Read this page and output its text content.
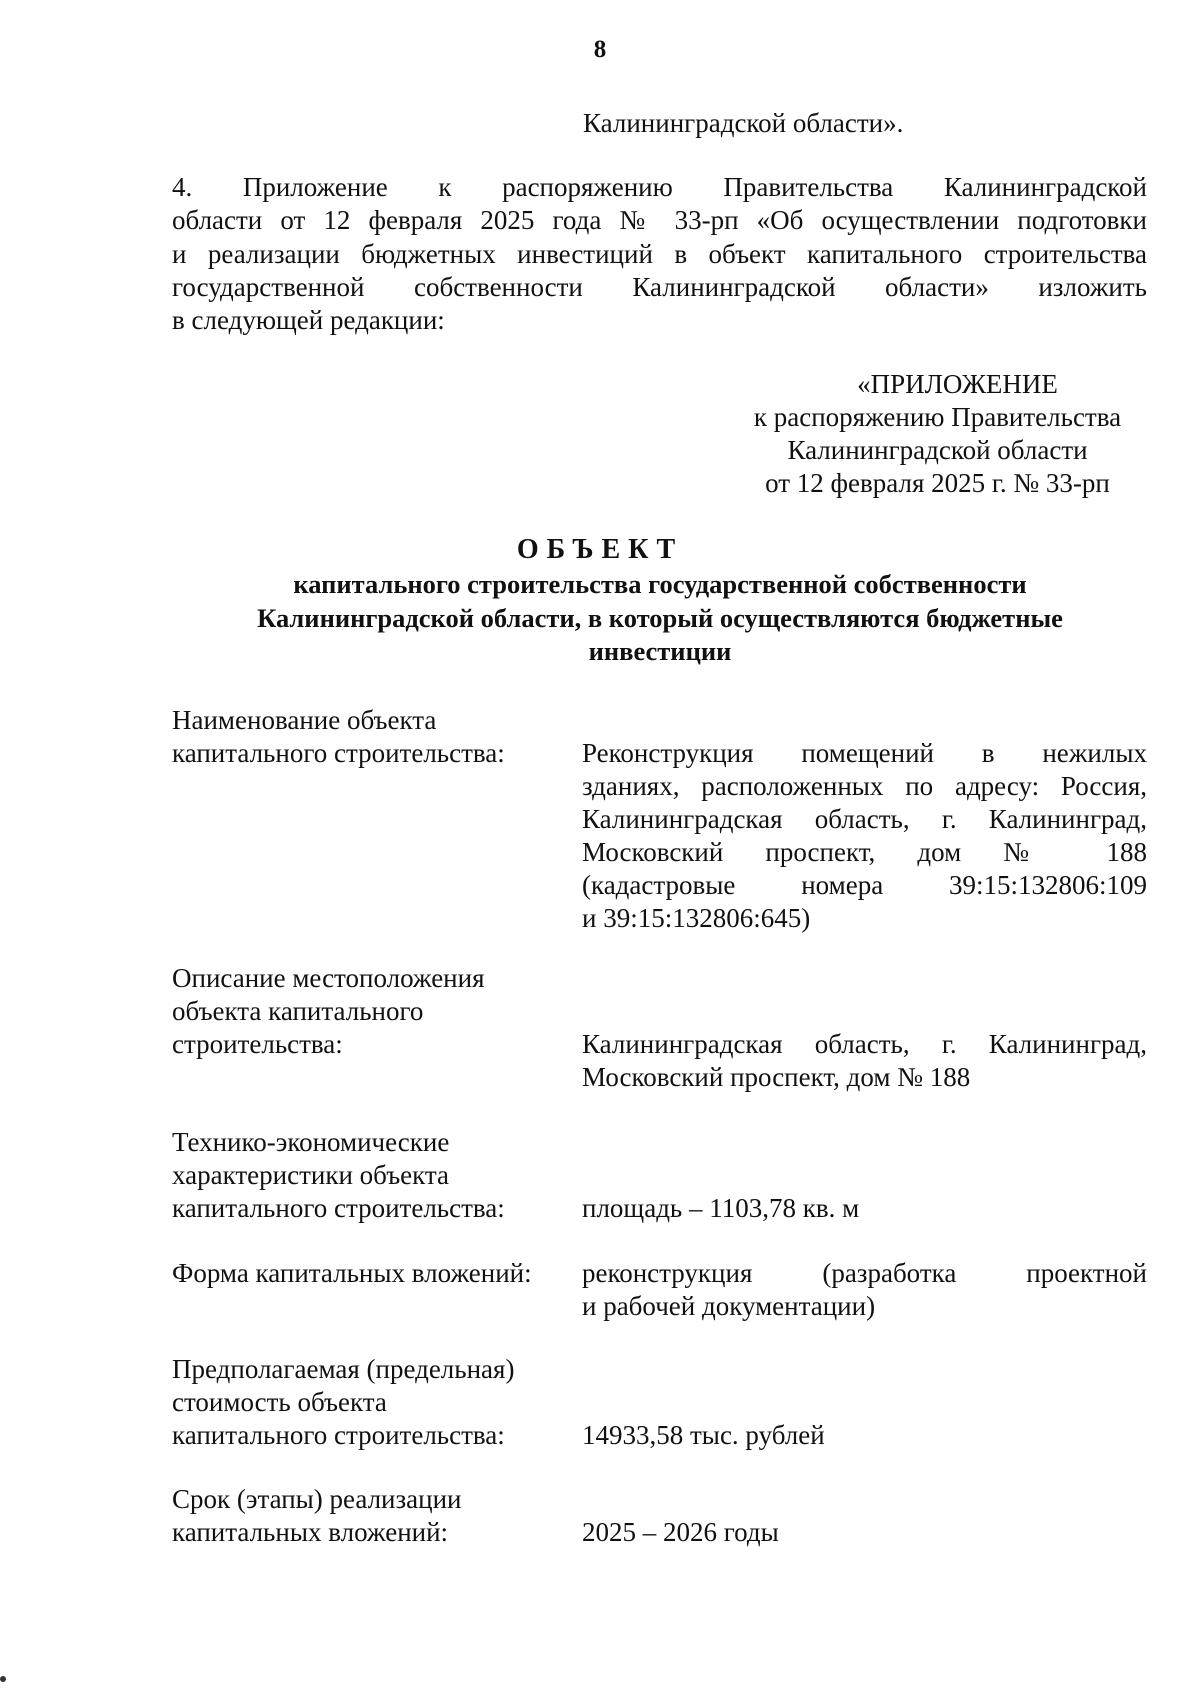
8
Калининградской области».
4. Приложение к распоряжению Правительства Калининградской
области от 12 февраля 2025 года № 33-рп «Об осуществлении подготовки
и реализации бюджетных инвестиций в объект капитального строительства
государственной собственности Калининградской области» изложить
в следующей редакции:
«ПРИЛОЖЕНИЕ
к распоряжению Правительства
Калининградской области
от 12 февраля 2025 г. № 33-рп
ОБЪЕКТ
капитального строительства государственной собственности
Калининградской области, в который осуществляются бюджетные
инвестиции
Наименование объекта
капитального строительства:	Реконструкция помещений в нежилых
зданиях, расположенных по адресу: Россия,
Калининградская область, г. Калининград,
Московский проспект, дом № 188
(кадастровые номера 39:15:132806:109
и 39:15:132806:645)
Описание местоположения
объекта капитального
строительства:	Калининградская область, г. Калининград,
Московский проспект, дом № 188
Технико-экономические
характеристики объекта
капитального строительства:	площадь – 1103,78 кв. м
Форма капитальных вложений: реконструкция (разработка проектной
и рабочей документации)
Предполагаемая (предельная)
стоимость объекта
капитального строительства:	14933,58 тыс. рублей
Срок (этапы) реализации
капитальных вложений:	2025 – 2026 годы
